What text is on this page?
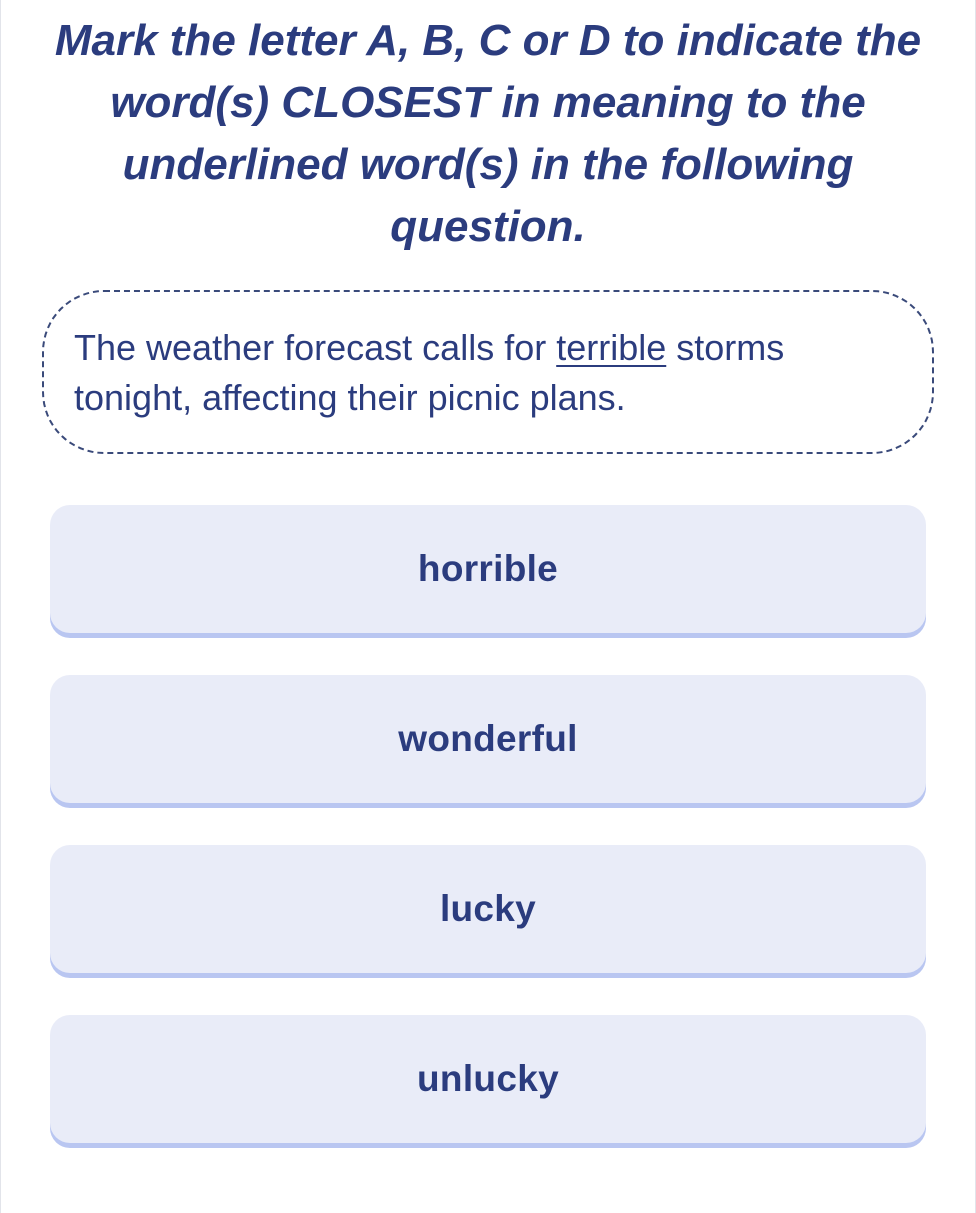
Mark the letter A, B, C or D to indicate the word(s) CLOSEST in meaning to the underlined word(s) in the following question.
The weather forecast calls for terrible storms tonight, affecting their picnic plans.
horrible
wonderful
lucky
unlucky
